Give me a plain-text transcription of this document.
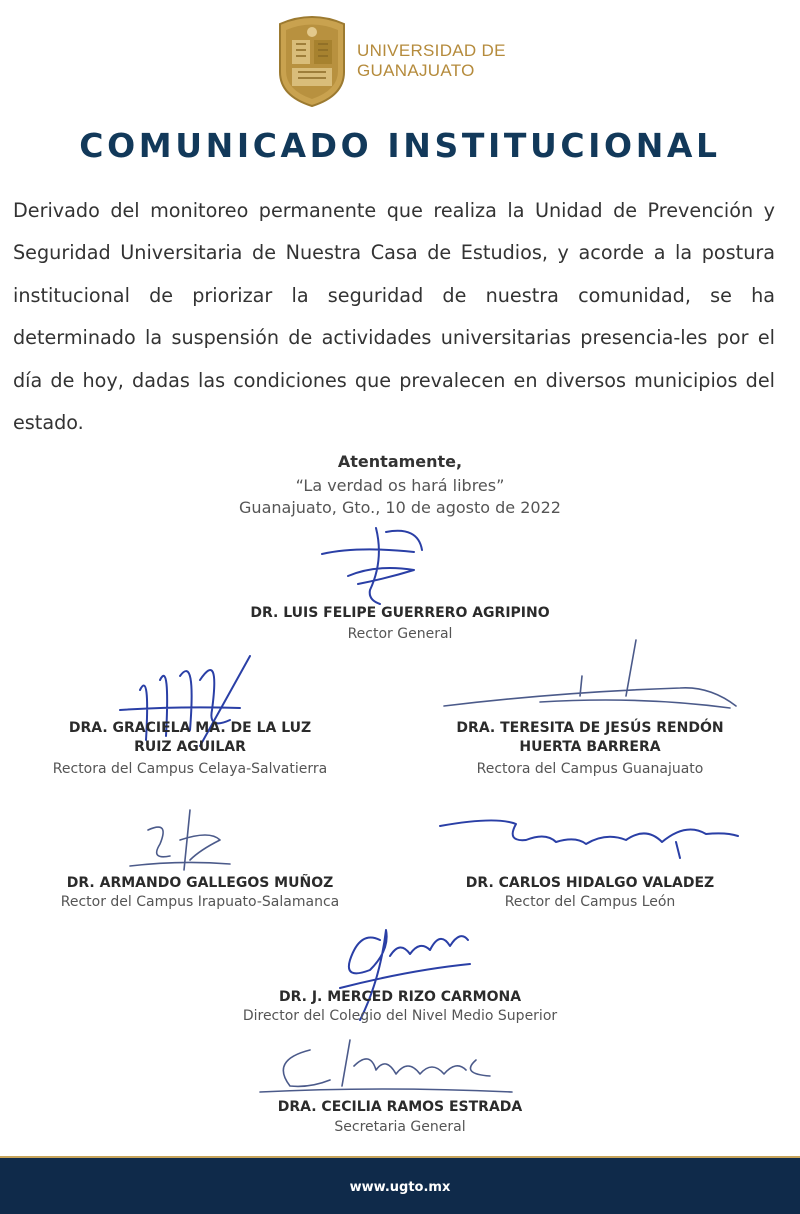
UNIVERSIDAD DE
GUANAJUATO
COMUNICADO INSTITUCIONAL
Derivado del monitoreo permanente que realiza la Unidad de Prevención y Seguridad Universitaria de Nuestra Casa de Estudios, y acorde a la postura institucional de priorizar la seguridad de nuestra comunidad, se ha determinado la suspensión de actividades universitarias presencia-les por el día de hoy, dadas las condiciones que prevalecen en diversos municipios del estado.
Atentamente,
“La verdad os hará libres”
Guanajuato, Gto., 10 de agosto de 2022
DR. LUIS FELIPE GUERRERO AGRIPINO
Rector General
DRA. GRACIELA MA. DE LA LUZ
RUIZ AGUILAR
Rectora del Campus Celaya-Salvatierra
DRA. TERESITA DE JESÚS RENDÓN
HUERTA BARRERA
Rectora del Campus Guanajuato
DR. ARMANDO GALLEGOS MUÑOZ
Rector del Campus Irapuato-Salamanca
DR. CARLOS HIDALGO VALADEZ
Rector del Campus León
DR. J. MERCED RIZO CARMONA
Director del Colegio del Nivel Medio Superior
DRA. CECILIA RAMOS ESTRADA
Secretaria General
www.ugto.mx
